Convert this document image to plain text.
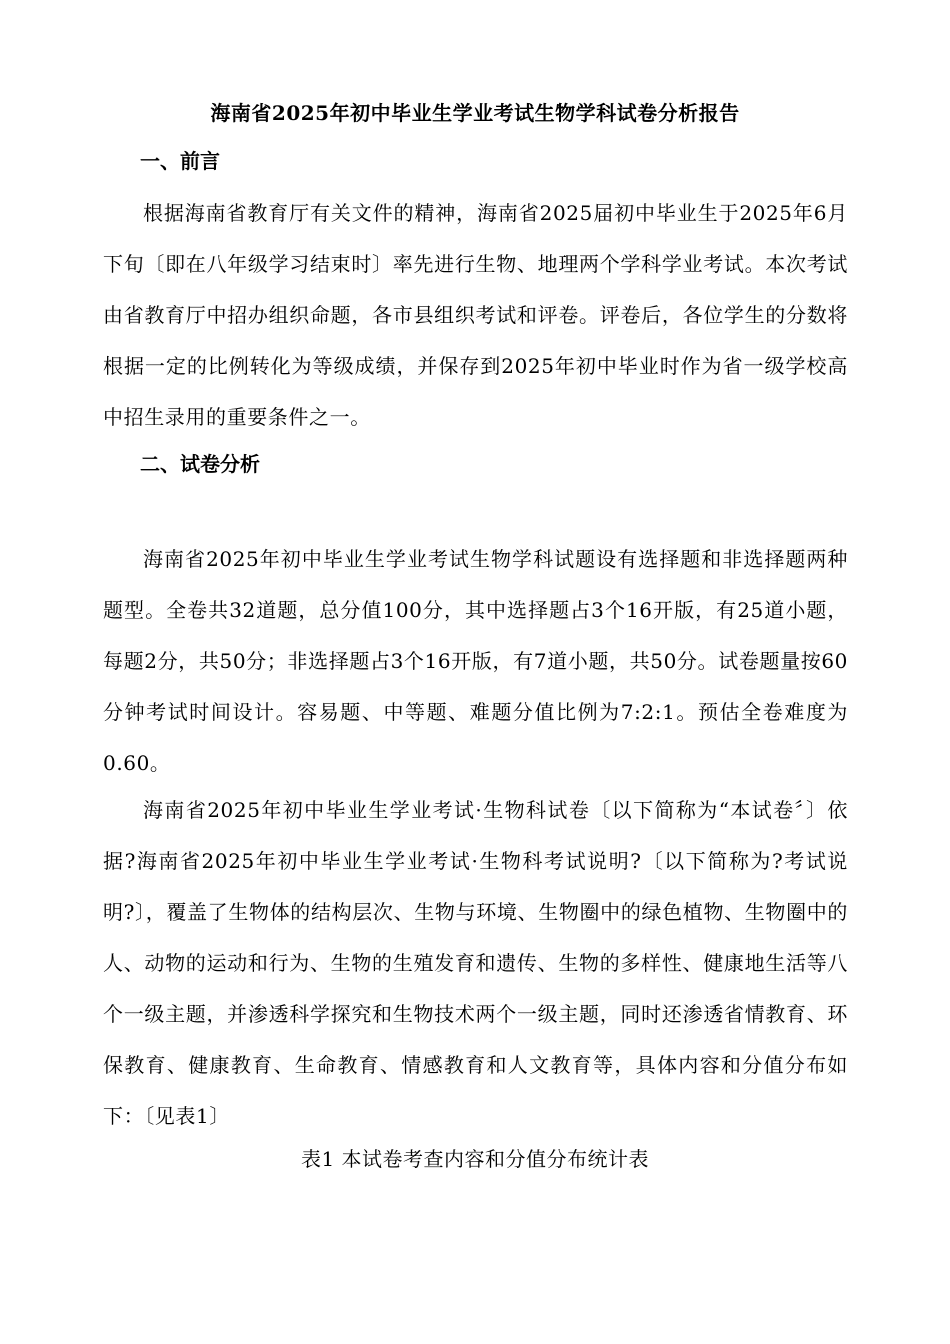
海南省2025年初中毕业生学业考试生物学科试卷分析报告
一、前言

根据海南省教育厅有关文件的精神，海南省2025届初中毕业生于2025年6月下旬〔即在八年级学习结束时〕率先进行生物、地理两个学科学业考试。本次考试由省教育厅中招办组织命题，各市县组织考试和评卷。评卷后，各位学生的分数将根据一定的比例转化为等级成绩，并保存到2025年初中毕业时作为省一级学校高中招生录用的重要条件之一。

二、试卷分析

海南省2025年初中毕业生学业考试生物学科试题设有选择题和非选择题两种题型。全卷共32道题，总分值100分，其中选择题占3个16开版，有25道小题，每题2分，共50分；非选择题占3个16开版，有7道小题，共50分。试卷题量按60分钟考试时间设计。容易题、中等题、难题分值比例为7:2:1。预估全卷难度为0.60。

海南省2025年初中毕业生学业考试·生物科试卷〔以下简称为“本试卷〞〕依据?海南省2025年初中毕业生学业考试·生物科考试说明?〔以下简称为?考试说明?〕，覆盖了生物体的结构层次、生物与环境、生物圈中的绿色植物、生物圈中的人、动物的运动和行为、生物的生殖发育和遗传、生物的多样性、健康地生活等八个一级主题，并渗透科学探究和生物技术两个一级主题，同时还渗透省情教育、环保教育、健康教育、生命教育、情感教育和人文教育等，具体内容和分值分布如下：〔见表1〕

表1 本试卷考查内容和分值分布统计表
